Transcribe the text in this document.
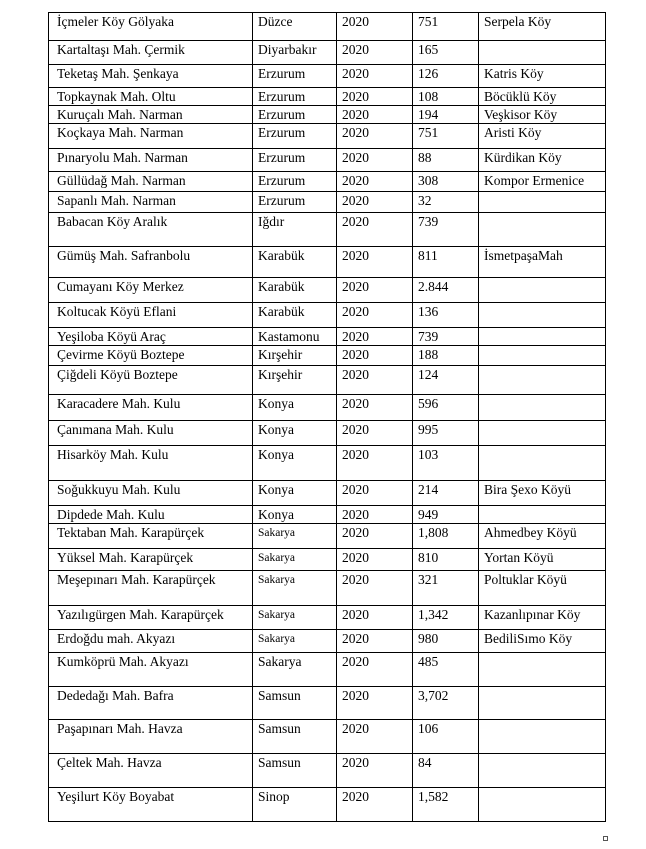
İçmeler Köy Gölyaka	Düzce	2020	751	Serpela Köy
Kartaltaşı Mah. Çermik	Diyarbakır	2020	165	
Teketaş Mah. Şenkaya	Erzurum	2020	126	Katris Köy
Topkaynak Mah. Oltu	Erzurum	2020	108	Böcüklü Köy
Kuruçalı Mah. Narman	Erzurum	2020	194	Veşkisor Köy
Koçkaya Mah. Narman	Erzurum	2020	751	Aristi Köy
Pınaryolu Mah. Narman	Erzurum	2020	88	Kürdikan Köy
Güllüdağ Mah. Narman	Erzurum	2020	308	Kompor Ermenice
Sapanlı Mah. Narman	Erzurum	2020	32	
Babacan Köy Aralık	Iğdır	2020	739	
Gümüş Mah. Safranbolu	Karabük	2020	811	İsmetpaşaMah
Cumayanı Köy Merkez	Karabük	2020	2.844	
Koltucak Köyü Eflani	Karabük	2020	136	
Yeşiloba Köyü Araç	Kastamonu	2020	739	
Çevirme Köyü Boztepe	Kırşehir	2020	188	
Çiğdeli Köyü Boztepe	Kırşehir	2020	124	
Karacadere Mah. Kulu	Konya	2020	596	
Çanımana Mah. Kulu	Konya	2020	995	
Hisarköy Mah. Kulu	Konya	2020	103	
Soğukkuyu Mah. Kulu	Konya	2020	214	Bira Şexo Köyü
Dipdede Mah. Kulu	Konya	2020	949	
Tektaban Mah. Karapürçek	Sakarya	2020	1,808	Ahmedbey Köyü
Yüksel Mah. Karapürçek	Sakarya	2020	810	Yortan Köyü
Meşepınarı Mah. Karapürçek	Sakarya	2020	321	Poltuklar Köyü
Yazılıgürgen Mah. Karapürçek	Sakarya	2020	1,342	Kazanlıpınar Köy
Erdoğdu mah. Akyazı	Sakarya	2020	980	BediliSımo Köy
Kumköprü Mah. Akyazı	Sakarya	2020	485	
Dededağı Mah. Bafra	Samsun	2020	3,702	
Paşapınarı Mah. Havza	Samsun	2020	106	
Çeltek Mah. Havza	Samsun	2020	84	
Yeşilurt Köy Boyabat	Sinop	2020	1,582	
